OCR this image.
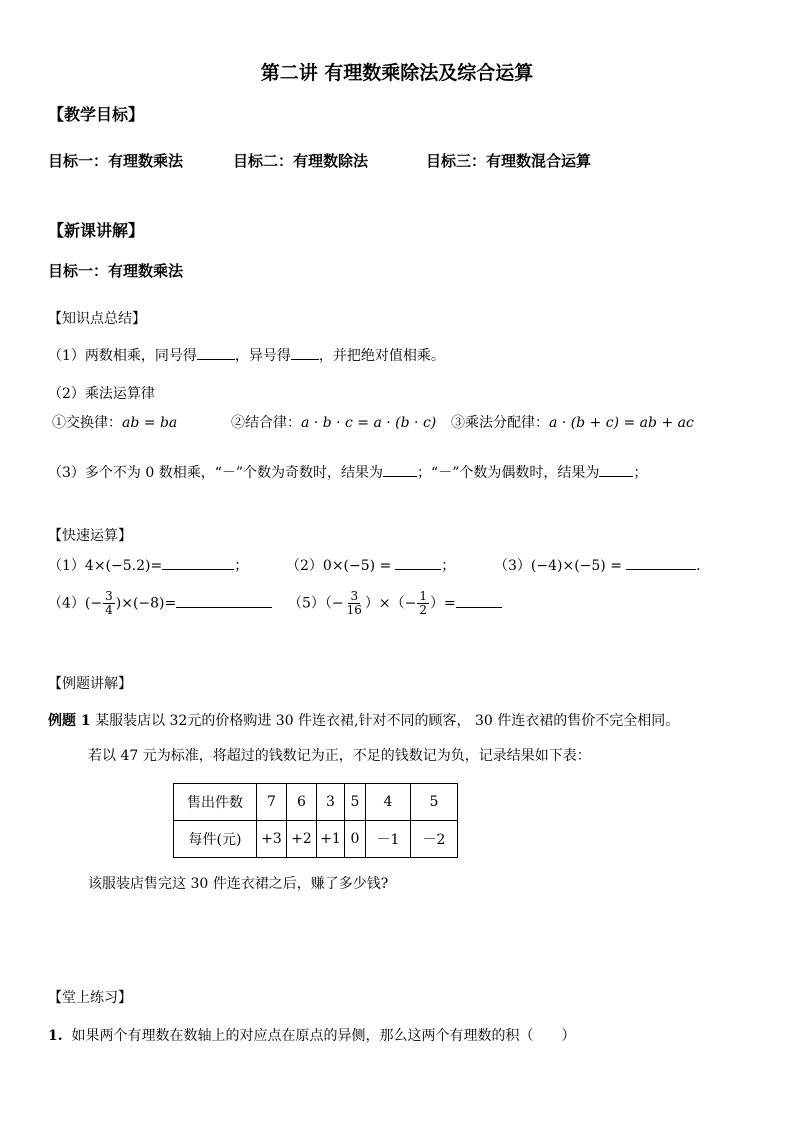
第二讲 有理数乘除法及综合运算
【教学目标】
目标一：有理数乘法	目标二：有理数除法	目标三：有理数混合运算
【新课讲解】
目标一：有理数乘法
【知识点总结】
（1）两数相乘，同号得	，异号得 ，并把绝对值相乘。
（2）乘法运算律
①交换律：ab = ba	②结合律：a · b · c = a · (b · c) ③乘法分配律：a · (b + c) = ab + ac
（3）多个不为 0 数相乘，“－”个数为奇数时，结果为 ；“－”个数为偶数时，结果为 ；
【快速运算】
（1）4×(−5.2)=	；	（2）0×(−5) =	；	（3）(−4)×(−5) =	.
$(4)(- \frac{3}{4} )\times(-8)=$	$(5)(- \frac{3}{16}$ ）×（− $\frac{1}{2}$ ）=
【例题讲解】
例题 1 某服装店以 32元的价格购进 30 件连衣裙,针对不同的顾客， 30 件连衣裙的售价不完全相同。
若以 47 元为标准，将超过的钱数记为正，不足的钱数记为负，记录结果如下表：
售出件数	7	6	3	5	4	5
每件(元)	+3	+2	+1	0	－1	－2
该服装店售完这 30 件连衣裙之后，赚了多少钱?
【堂上练习】
1. 如果两个有理数在数轴上的对应点在原点的异侧，那么这两个有理数的积（　　）
